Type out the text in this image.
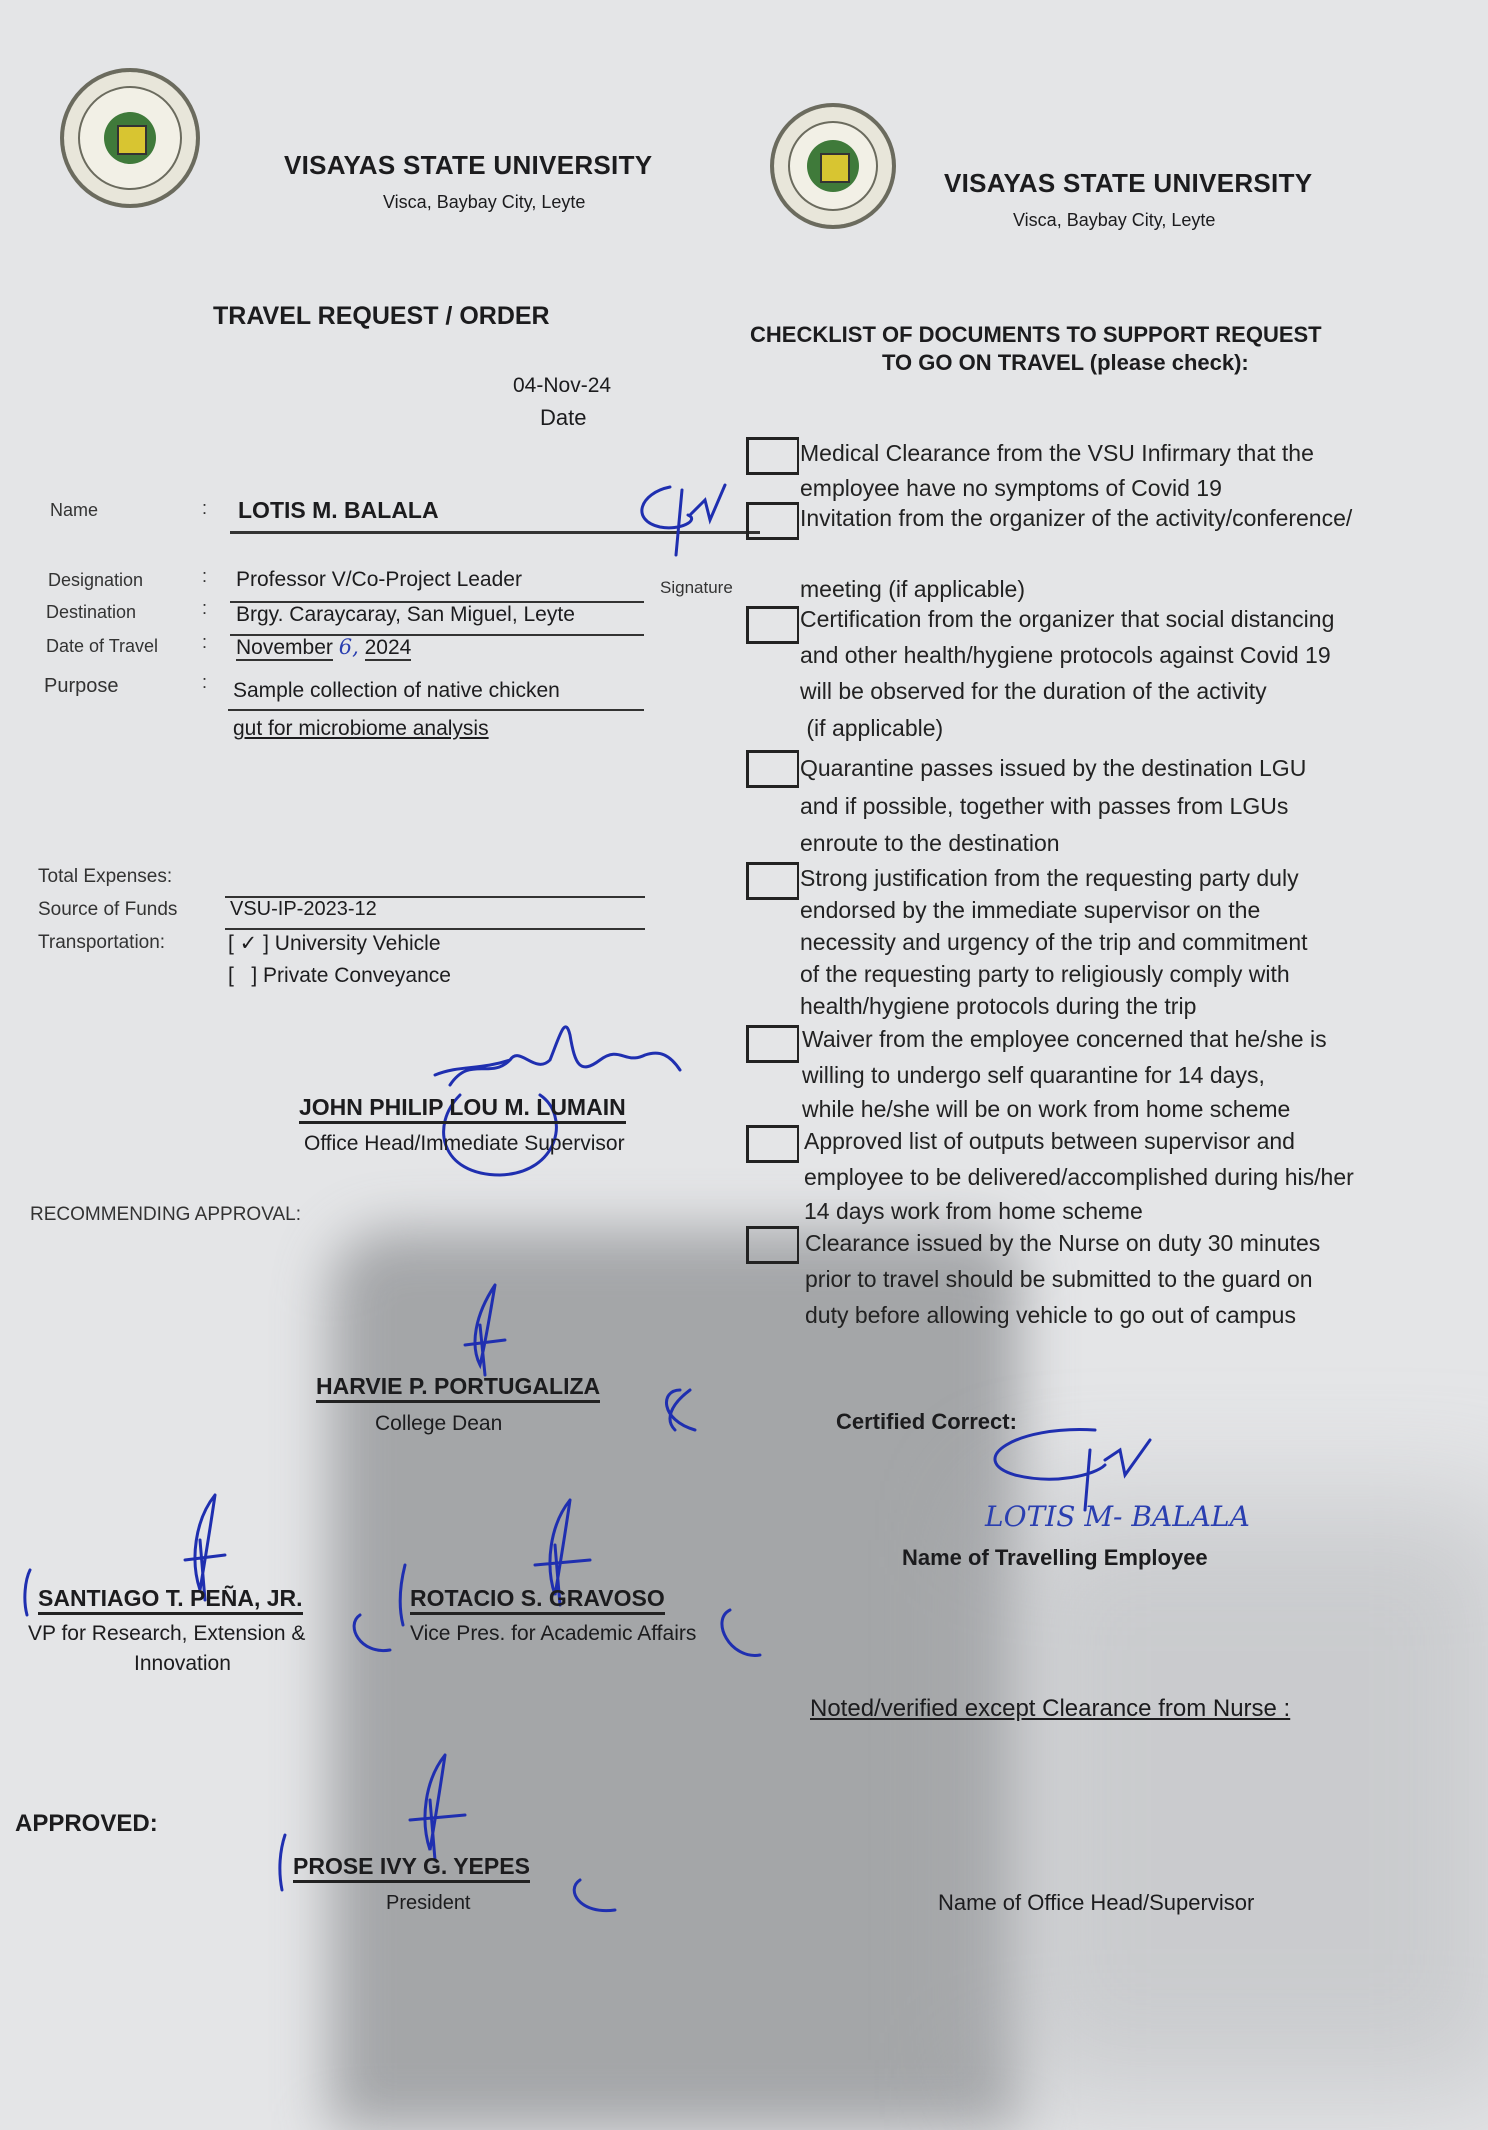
VISAYAS STATE UNIVERSITY
Visca, Baybay City, Leyte
VISAYAS STATE UNIVERSITY
Visca, Baybay City, Leyte
TRAVEL REQUEST / ORDER
04-Nov-24
Date
Name	: LOTIS M. BALALA
Signature
Designation	: Professor V/Co-Project Leader
Destination	: Brgy. Caraycaray, San Miguel, Leyte
Date of Travel : November 6, 2024
Purpose	: Sample collection of native chicken
gut for microbiome analysis
Total Expenses:
Source of Funds	VSU-IP-2023-12
Transportation:	[ ✓ ] University Vehicle
[   ] Private Conveyance
JOHN PHILIP LOU M. LUMAIN
Office Head/Immediate Supervisor
RECOMMENDING APPROVAL:
HARVIE P. PORTUGALIZA
College Dean
SANTIAGO T. PEÑA, JR.
VP for Research, Extension &
Innovation
ROTACIO S. GRAVOSO
Vice Pres. for Academic Affairs
APPROVED:
PROSE IVY G. YEPES
President
CHECKLIST OF DOCUMENTS TO SUPPORT REQUEST
TO GO ON TRAVEL (please check):
Medical Clearance from the VSU Infirmary that the
employee have no symptoms of Covid 19
Invitation from the organizer of the activity/conference/
meeting (if applicable)
Certification from the organizer that social distancing
and other health/hygiene protocols against Covid 19
will be observed for the duration of the activity
(if applicable)
Quarantine passes issued by the destination LGU
and if possible, together with passes from LGUs
enroute to the destination
Strong justification from the requesting party duly
endorsed by the immediate supervisor on the
necessity and urgency of the trip and commitment
of the requesting party to religiously comply with
health/hygiene protocols during the trip
Waiver from the employee concerned that he/she is
willing to undergo self quarantine for 14 days,
while he/she will be on work from home scheme
Approved list of outputs between supervisor and
employee to be delivered/accomplished during his/her
14 days work from home scheme
Clearance issued by the Nurse on duty 30 minutes
prior to travel should be submitted to the guard on
duty before allowing vehicle to go out of campus
Certified Correct:
LOTIS M- BALALA
Name of Travelling Employee
Noted/verified except Clearance from Nurse :
Name of Office Head/Supervisor
